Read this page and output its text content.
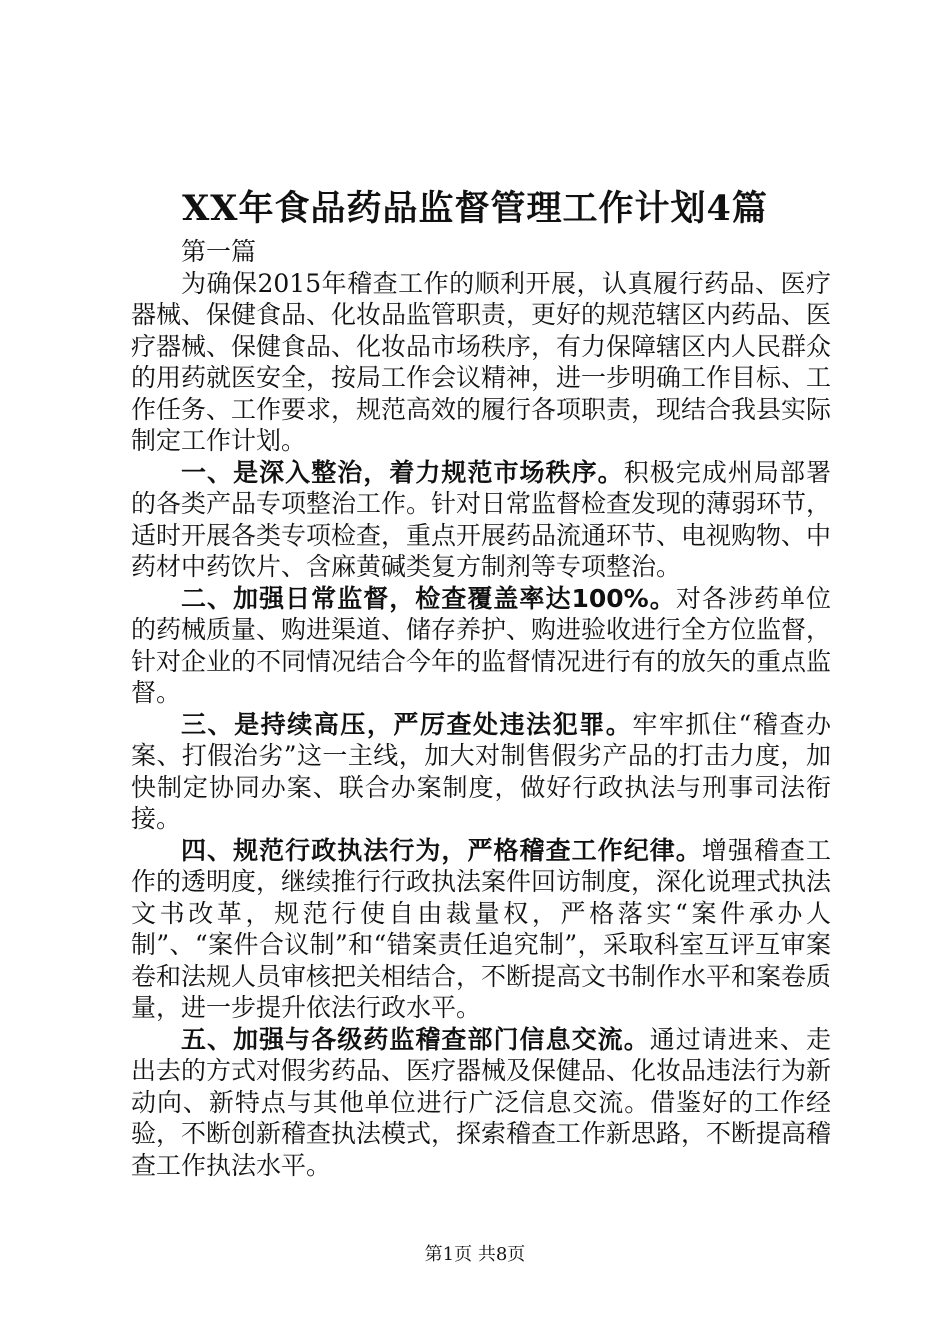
XX年食品药品监督管理工作计划4篇

第一篇

为确保2015年稽查工作的顺利开展，认真履行药品、医疗器械、保健食品、化妆品监管职责，更好的规范辖区内药品、医疗器械、保健食品、化妆品市场秩序，有力保障辖区内人民群众的用药就医安全，按局工作会议精神，进一步明确工作目标、工作任务、工作要求，规范高效的履行各项职责，现结合我县实际制定工作计划。

一、是深入整治，着力规范市场秩序。积极完成州局部署的各类产品专项整治工作。针对日常监督检查发现的薄弱环节，适时开展各类专项检查，重点开展药品流通环节、电视购物、中药材中药饮片、含麻黄碱类复方制剂等专项整治。

二、加强日常监督，检查覆盖率达100%。对各涉药单位的药械质量、购进渠道、储存养护、购进验收进行全方位监督，针对企业的不同情况结合今年的监督情况进行有的放矢的重点监督。

三、是持续高压，严厉查处违法犯罪。牢牢抓住“稽查办案、打假治劣”这一主线，加大对制售假劣产品的打击力度，加快制定协同办案、联合办案制度，做好行政执法与刑事司法衔接。

四、规范行政执法行为，严格稽查工作纪律。增强稽查工作的透明度，继续推行行政执法案件回访制度，深化说理式执法文书改革，规范行使自由裁量权，严格落实“案件承办人制”、“案件合议制”和“错案责任追究制”，采取科室互评互审案卷和法规人员审核把关相结合，不断提高文书制作水平和案卷质量，进一步提升依法行政水平。

五、加强与各级药监稽查部门信息交流。通过请进来、走出去的方式对假劣药品、医疗器械及保健品、化妆品违法行为新动向、新特点与其他单位进行广泛信息交流。借鉴好的工作经验，不断创新稽查执法模式，探索稽查工作新思路，不断提高稽查工作执法水平。

第1页 共8页
